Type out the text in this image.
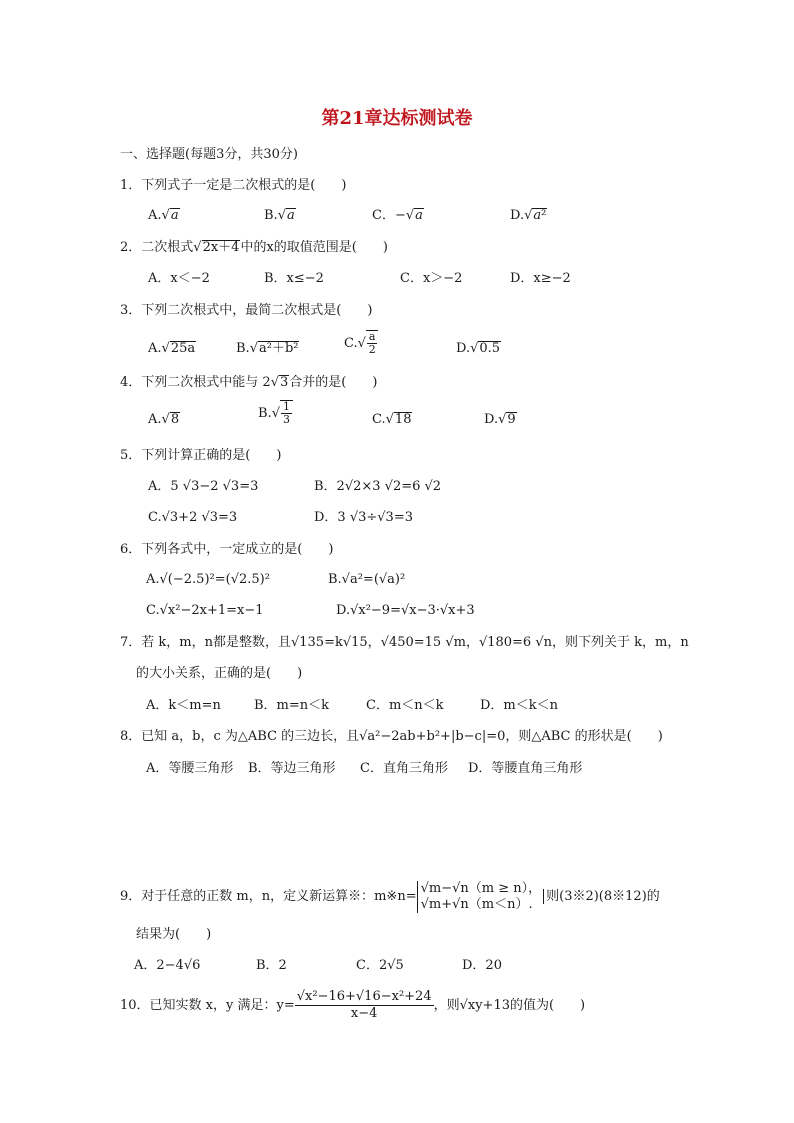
第21章达标测试卷
一、选择题(每题3分，共30分)
1．下列式子一定是二次根式的是(　　)
A.√ a	B.√ a	C．−√ a	D.√ a²
2．二次根式√ 2x＋4中的x的取值范围是(　　)
A．x＜−2	B．x≤−2	C．x＞−2	D．x≥−2
3．下列二次根式中，最简二次根式是(　　)
A.√ 25a	B.√ a²＋b²	$C.√ \frac{a}{2}$	D.√ 0.5
4．下列二次根式中能与 2√ 3合并的是(　　)
A.√ 8	$B.√ \frac{1}{3}$	C.√ 18	D.√ 9
5．下列计算正确的是(　　)
A．5 √3−2 √3=3	B．2√2×3 √2=6 √2
C.√3+2 √3=3	D．3 √3÷√3=3
6．下列各式中，一定成立的是(　　)
A.√(−2.5)²=(√2.5)²	B.√a²=(√a)²
C.√x²−2x+1=x−1	D.√x²−9=√x−3·√x+3
7．若 k，m，n都是整数，且√135=k√15，√450=15 √m，√180=6 √n，则下列关于 k，m，n
的大小关系，正确的是(　　)
A．k＜m=n	B．m=n＜k	C．m＜n＜k	D．m＜k＜n
8．已知 a，b，c 为△ABC 的三边长，且√a²−2ab+b²+|b−c|=0，则△ABC 的形状是(　　)
A．等腰三角形 B．等边三角形 C．直角三角形 D．等腰直角三角形
9．对于任意的正数 m，n，定义新运算※：m※n=√m−√n（m ≥ n），
√m+√n（m＜n）. 则(3※2)(8※12)的
结果为(　　)
A．2−4√6	B．2	C．2√5	D．20
10．已知实数 x，y 满足：$y= \frac{\text{√x²−16+√16−x²+24}}{x-4}$ ，则√xy+13的值为(　　)
